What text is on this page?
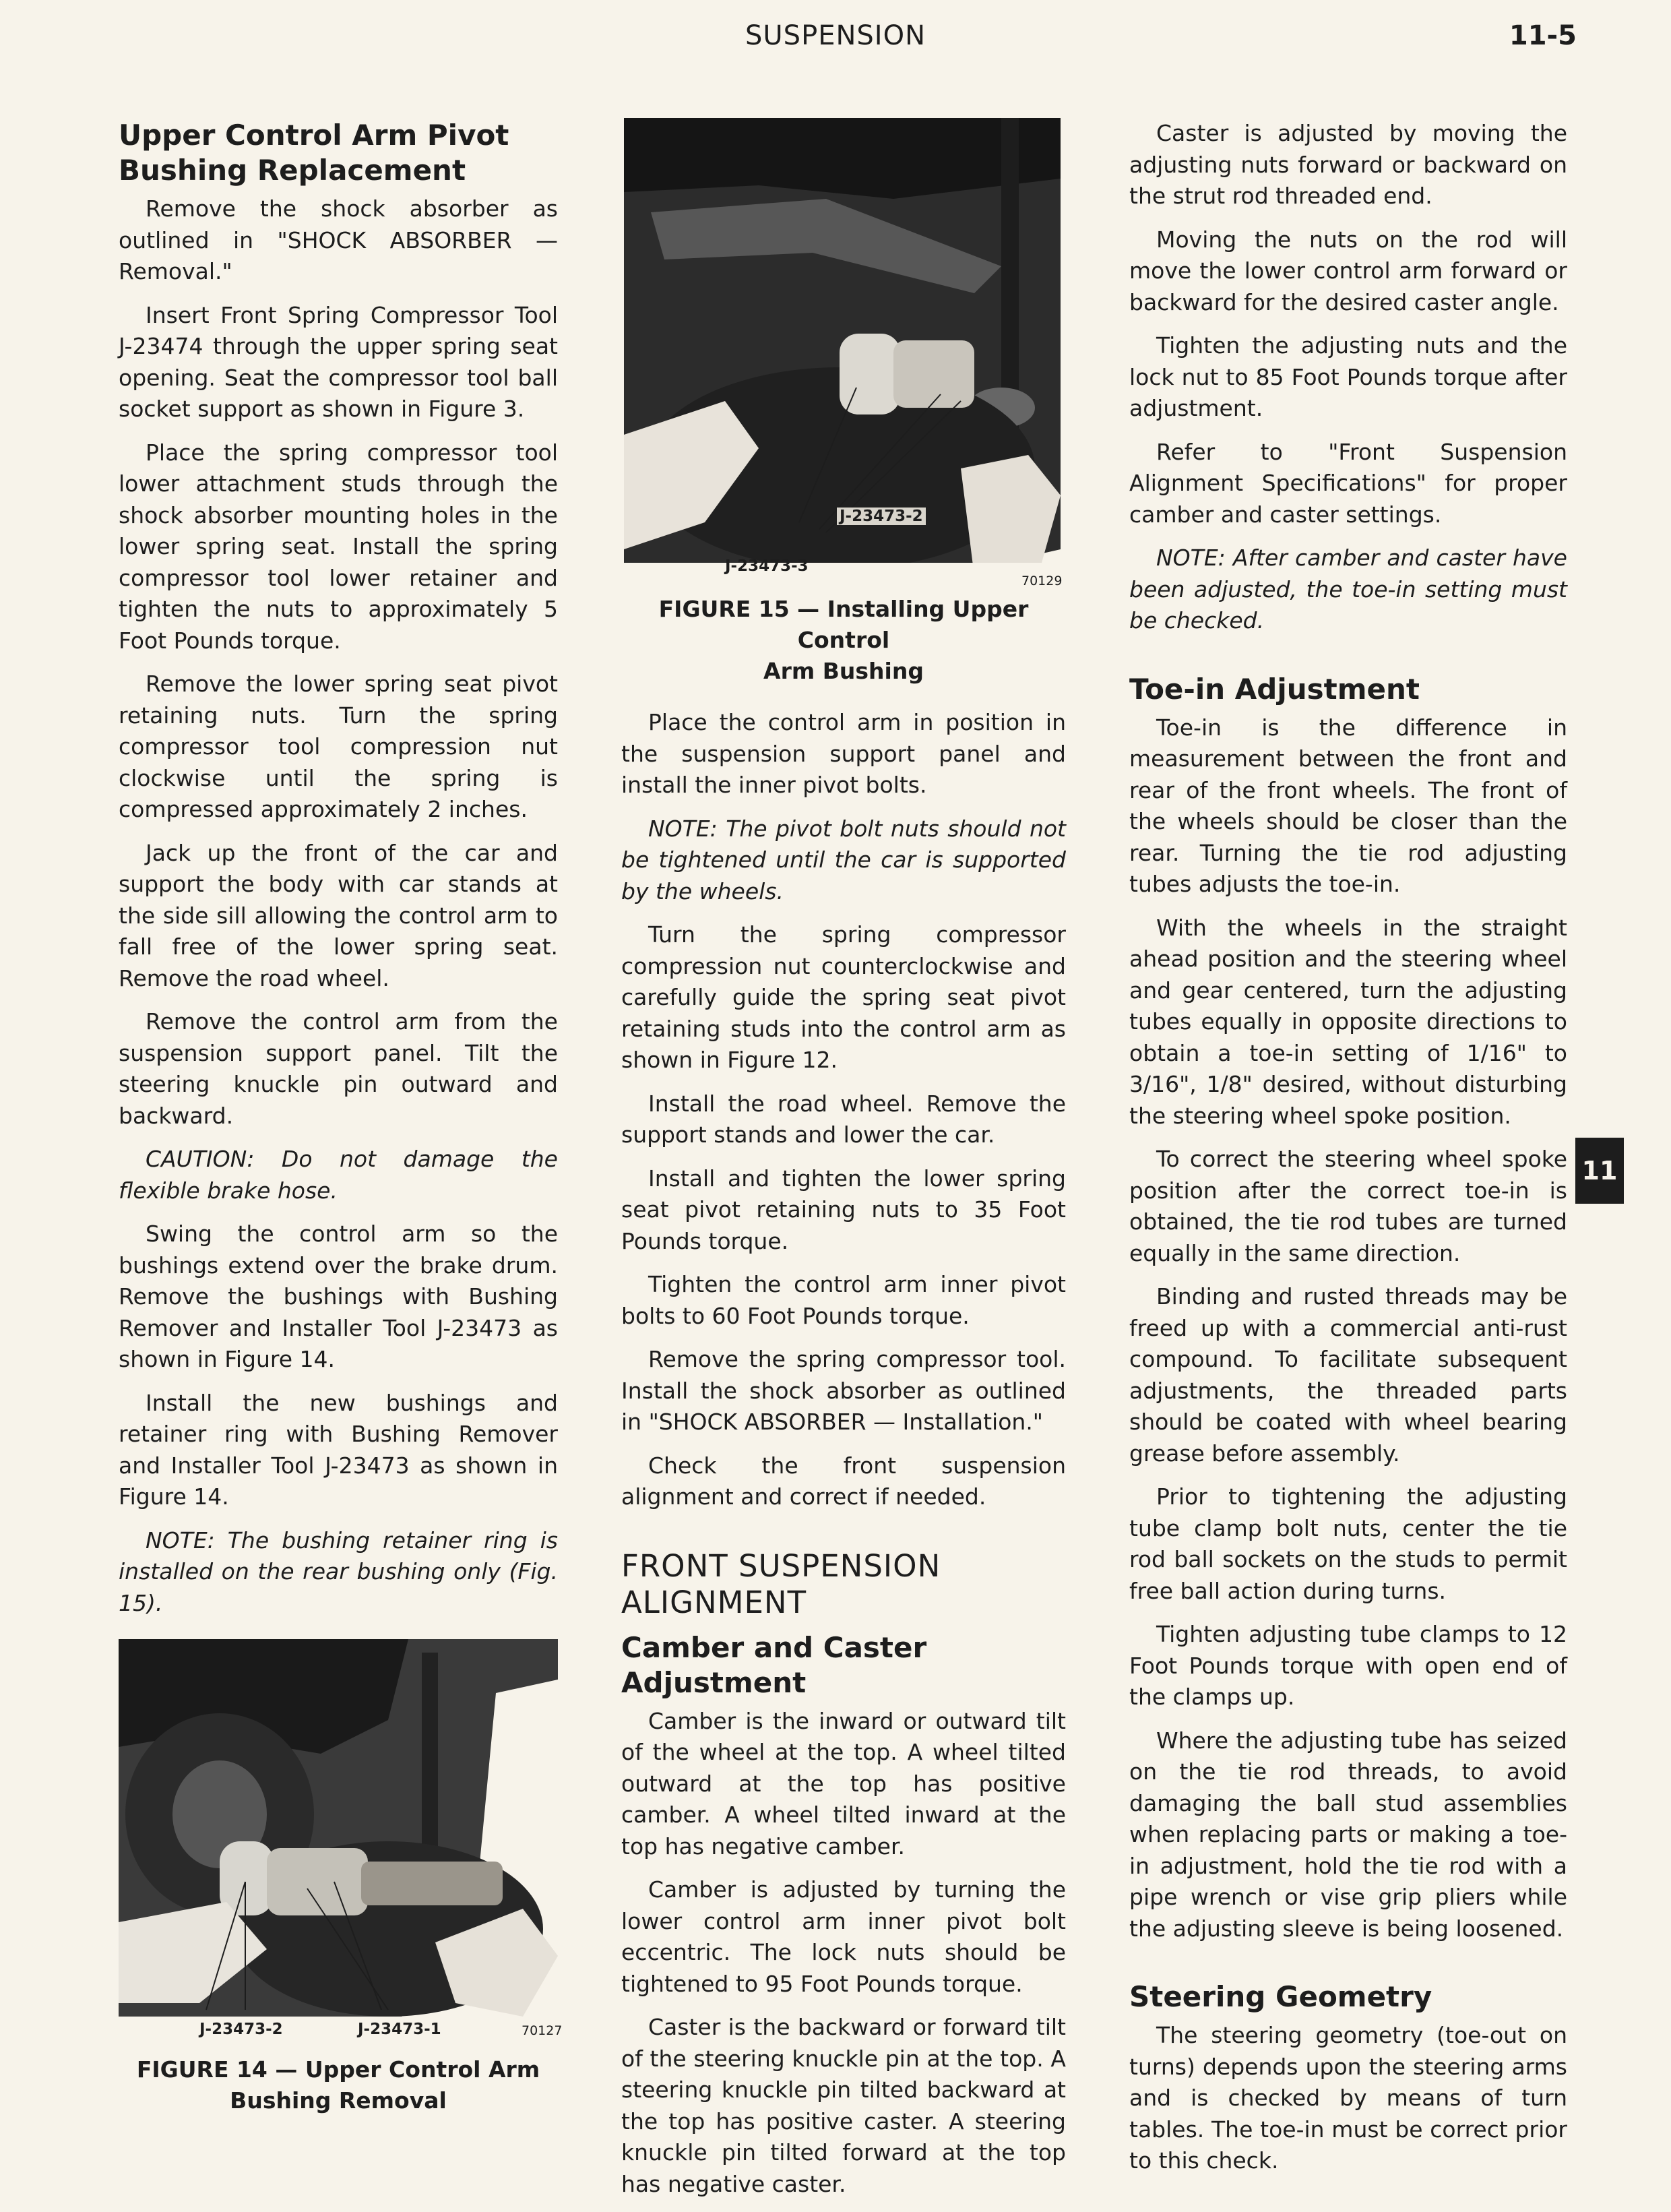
SUSPENSION	11-5
Upper Control Arm Pivot Bushing Replacement

Remove the shock absorber as outlined in "SHOCK ABSORBER — Removal."

Insert Front Spring Compressor Tool J-23474 through the upper spring seat opening. Seat the compressor tool ball socket support as shown in Figure 3.

Place the spring compressor tool lower attachment studs through the shock absorber mounting holes in the lower spring seat. Install the spring compressor tool lower retainer and tighten the nuts to approximately 5 Foot Pounds torque.

Remove the lower spring seat pivot retaining nuts. Turn the spring compressor tool compression nut clockwise until the spring is compressed approximately 2 inches.

Jack up the front of the car and support the body with car stands at the side sill allowing the control arm to fall free of the lower spring seat. Remove the road wheel.

Remove the control arm from the suspension support panel. Tilt the steering knuckle pin outward and backward.

CAUTION: Do not damage the flexible brake hose.

Swing the control arm so the bushings extend over the brake drum. Remove the bushings with Bushing Remover and Installer Tool J-23473 as shown in Figure 14.

Install the new bushings and retainer ring with Bushing Remover and Installer Tool J-23473 as shown in Figure 14.

NOTE: The bushing retainer ring is installed on the rear bushing only (Fig. 15).

J-23473-2	J-23473-1	70127
FIGURE 14 — Upper Control Arm
Bushing Removal
J-23473-2
J-23473-3
70129
FIGURE 15 — Installing Upper Control
Arm Bushing

Place the control arm in position in the suspension support panel and install the inner pivot bolts.

NOTE: The pivot bolt nuts should not be tightened until the car is supported by the wheels.

Turn the spring compressor compression nut counterclockwise and carefully guide the spring seat pivot retaining studs into the control arm as shown in Figure 12.

Install the road wheel. Remove the support stands and lower the car.

Install and tighten the lower spring seat pivot retaining nuts to 35 Foot Pounds torque.

Tighten the control arm inner pivot bolts to 60 Foot Pounds torque.

Remove the spring compressor tool. Install the shock absorber as outlined in "SHOCK ABSORBER — Installation."

Check the front suspension alignment and correct if needed.

FRONT SUSPENSION
ALIGNMENT
Camber and Caster Adjustment

Camber is the inward or outward tilt of the wheel at the top. A wheel tilted outward at the top has positive camber. A wheel tilted inward at the top has negative camber.

Camber is adjusted by turning the lower control arm inner pivot bolt eccentric. The lock nuts should be tightened to 95 Foot Pounds torque.

Caster is the backward or forward tilt of the steering knuckle pin at the top. A steering knuckle pin tilted backward at the top has positive caster. A steering knuckle pin tilted forward at the top has negative caster.

Caster is adjusted by moving the adjusting nuts forward or backward on the strut rod threaded end.

Moving the nuts on the rod will move the lower control arm forward or backward for the desired caster angle.

Tighten the adjusting nuts and the lock nut to 85 Foot Pounds torque after adjustment.

Refer to "Front Suspension Alignment Specifications" for proper camber and caster settings.

NOTE: After camber and caster have been adjusted, the toe-in setting must be checked.

Toe-in Adjustment

Toe-in is the difference in measurement between the front and rear of the front wheels. The front of the wheels should be closer than the rear. Turning the tie rod adjusting tubes adjusts the toe-in.

With the wheels in the straight ahead position and the steering wheel and gear centered, turn the adjusting tubes equally in opposite directions to obtain a toe-in setting of 1/16" to 3/16", 1/8" desired, without disturbing the steering wheel spoke position.

To correct the steering wheel spoke position after the correct toe-in is obtained, the tie rod tubes are turned equally in the same direction.

Binding and rusted threads may be freed up with a commercial anti-rust compound. To facilitate subsequent adjustments, the threaded parts should be coated with wheel bearing grease before assembly.

Prior to tightening the adjusting tube clamp bolt nuts, center the tie rod ball sockets on the studs to permit free ball action during turns.

Tighten adjusting tube clamps to 12 Foot Pounds torque with open end of the clamps up.

Where the adjusting tube has seized on the tie rod threads, to avoid damaging the ball stud assemblies when replacing parts or making a toe-in adjustment, hold the tie rod with a pipe wrench or vise grip pliers while the adjusting sleeve is being loosened.

Steering Geometry

The steering geometry (toe-out on turns) depends upon the steering arms and is checked by means of turn tables. The toe-in must be correct prior to this check.

11
